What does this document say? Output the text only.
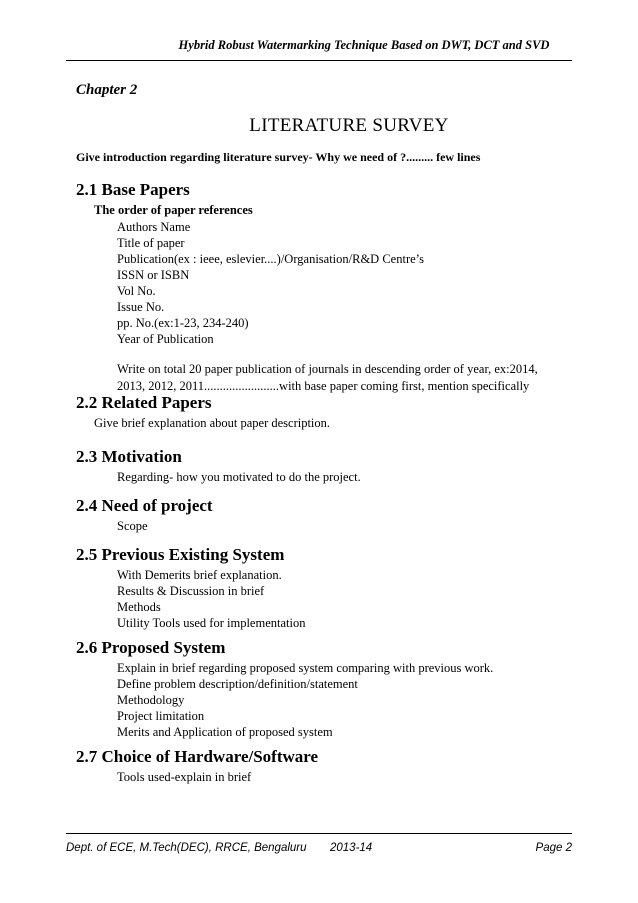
Hybrid Robust Watermarking Technique Based on DWT, DCT and SVD
Chapter 2
LITERATURE SURVEY
Give introduction regarding literature survey- Why we need of ?......... few lines
2.1 Base Papers
The order of paper references
Authors Name
Title of paper
Publication(ex : ieee, eslevier....)/Organisation/R&D Centre’s
ISSN or ISBN
Vol No.
Issue No.
pp. No.(ex:1-23, 234-240)
Year of Publication
Write on total 20 paper publication of journals in descending order of year, ex:2014,
2013, 2012, 2011........................with base paper coming first, mention specifically
2.2 Related Papers
Give brief explanation about paper description.
2.3 Motivation
Regarding- how you motivated to do the project.
2.4 Need of project
Scope
2.5 Previous Existing System
With Demerits brief explanation.
Results & Discussion in brief
Methods
Utility Tools used for implementation
2.6 Proposed System
Explain in brief regarding proposed system comparing with previous work.
Define problem description/definition/statement
Methodology
Project limitation
Merits and Application of proposed system
2.7 Choice of Hardware/Software
Tools used-explain in brief
Dept. of ECE, M.Tech(DEC), RRCE, Bengaluru 2013-14	Page 2
